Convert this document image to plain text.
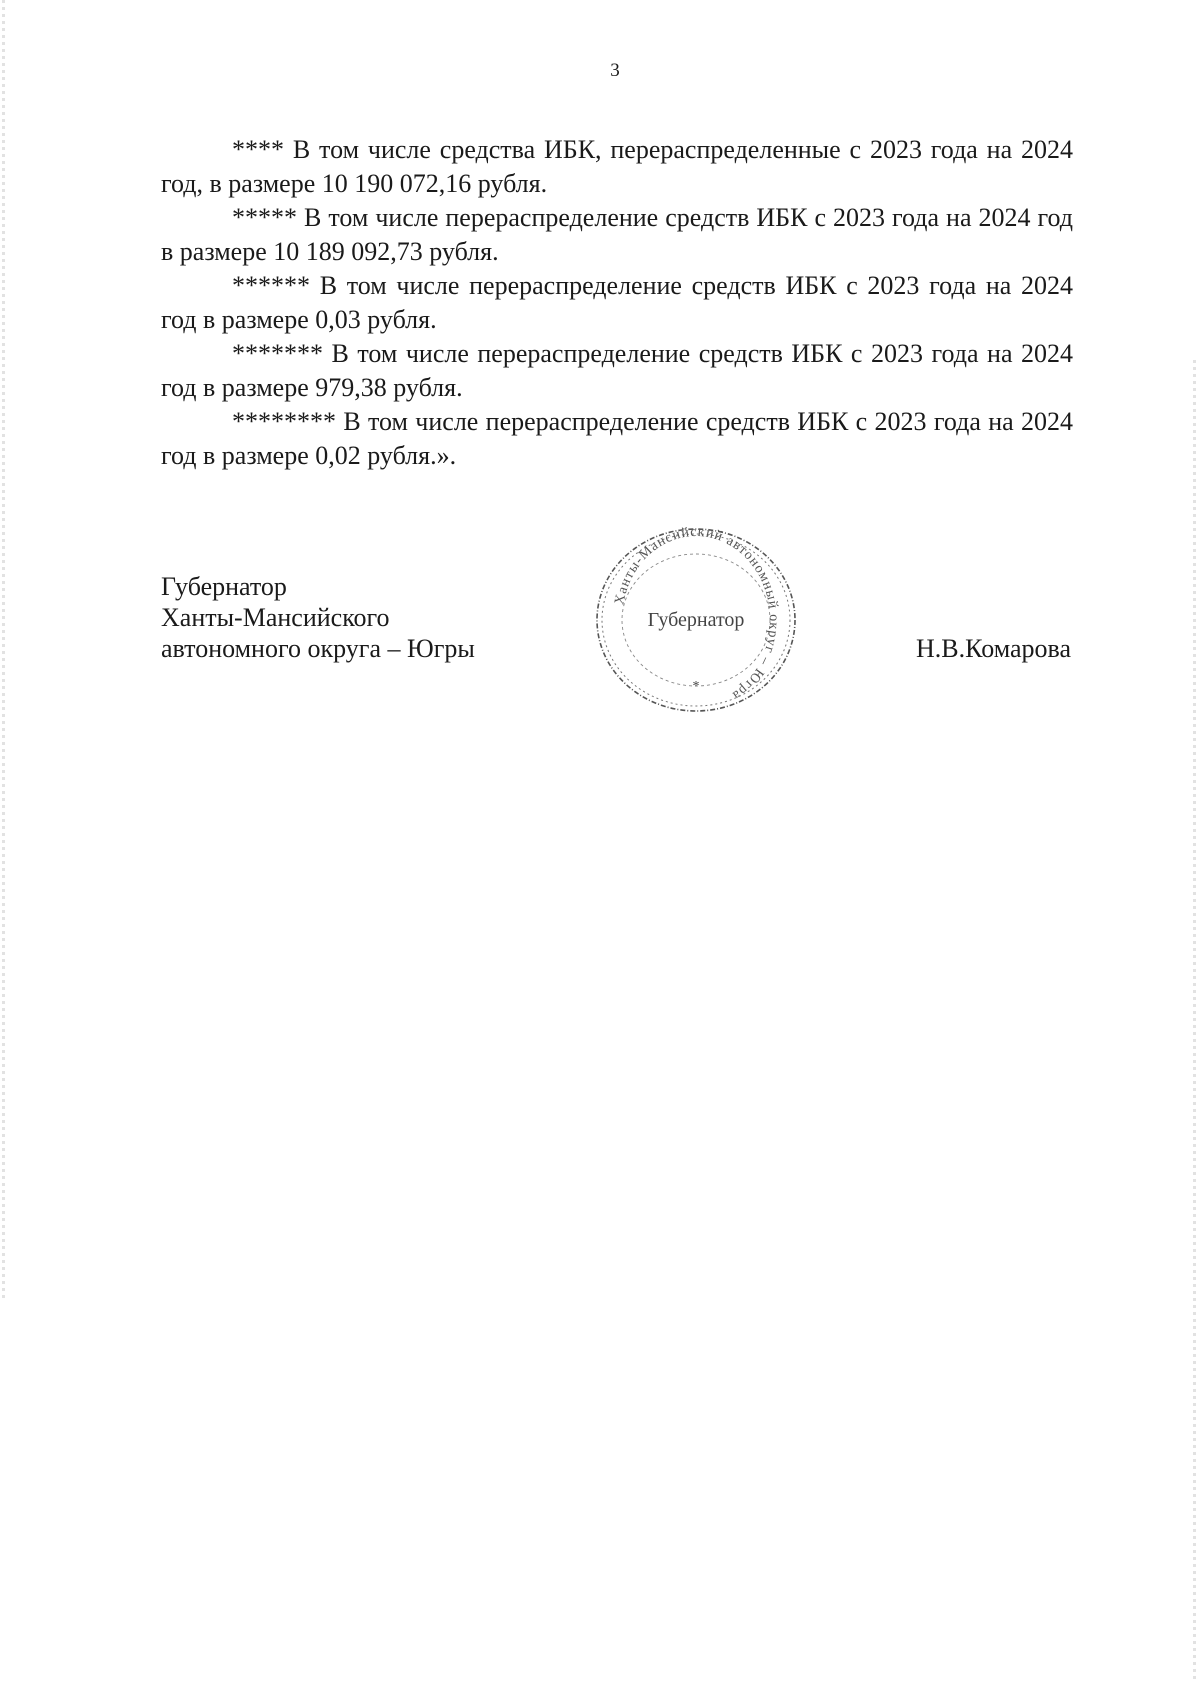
3

**** В том числе средства ИБК, перераспределенные с 2023 года на 2024 год, в размере 10 190 072,16 рубля.

***** В том числе перераспределение средств ИБК с 2023 года на 2024 год в размере 10 189 092,73 рубля.

****** В том числе перераспределение средств ИБК с 2023 года на 2024 год в размере 0,03 рубля.

******* В том числе перераспределение средств ИБК с 2023 года на 2024 год в размере 979,38 рубля.

******** В том числе перераспределение средств ИБК с 2023 года на 2024 год в размере 0,02 рубля.».

Губернатор
Ханты-Мансийского
автономного округа – Югры
Ханты-Мансийский автономный округ – Югра
Губернатор
*
Н.В.Комарова
